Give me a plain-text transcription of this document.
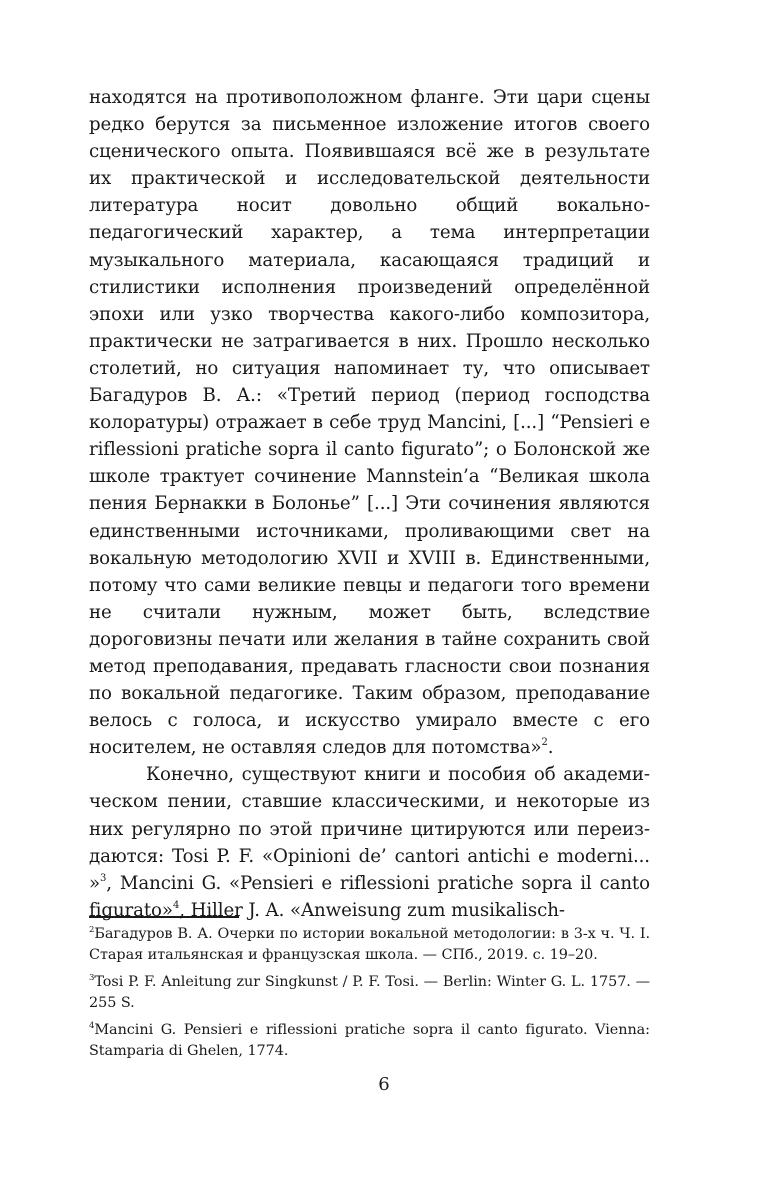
находятся на противоположном фланге. Эти цари сцены редко берутся за письменное изложение итогов своего сценического опыта. Появившаяся всё же в результате их практической и исследовательской деятельности литература носит довольно общий вокально-педагогический характер, а тема интерпретации музыкального материала, касающаяся традиций и стилистики исполнения произведений определённой эпохи или узко творчества какого-либо композитора, практически не затрагивается в них. Прошло несколько столетий, но ситуация напоминает ту, что описывает Багадуров В. А.: «Третий период (период господства колоратуры) отражает в себе труд Mancini, [...] “Pensieri e riflessioni pratiche sopra il canto figurato”; о Болонской же школе трактует сочинение Mannstein’a “Великая школа пения Бернакки в Болонье” [...] Эти сочинения являются единственными источниками, проливающими свет на вокальную методологию XVII и XVIII в. Единственными, потому что сами великие певцы и педагоги того времени не считали нужным, может быть, вследствие дороговизны печати или желания в тайне сохранить свой метод преподавания, предавать гласности свои познания по вокальной педагогике. Таким образом, преподавание велось с голоса, и искусство умирало вместе с его носителем, не оставляя следов для потомства»$^2$.

Конечно, существуют книги и пособия об академическом пении, ставшие классическими, и некоторые из них регулярно по этой причине цитируются или переиздаются: Tosi P. F. «Opinioni de’ cantori antichi e moderni... »$^3$, Mancini G. «Pensieri e riflessioni pratiche sopra il canto figurato»$^4$, Hiller J. A. «Anweisung zum musikalisch-

$^2$Багадуров В. А. Очерки по истории вокальной методологии: в 3-х ч. Ч. I. Старая итальянская и французская школа. — СПб., 2019. с. 19–20.

$^3$Tosi P. F. Anleitung zur Singkunst / P. F. Tosi. — Berlin: Winter G. L. 1757. — 255 S.

$^4$Mancini G. Pensieri e riflessioni pratiche sopra il canto figurato. Vienna: Stamparia di Ghelen, 1774.

6
